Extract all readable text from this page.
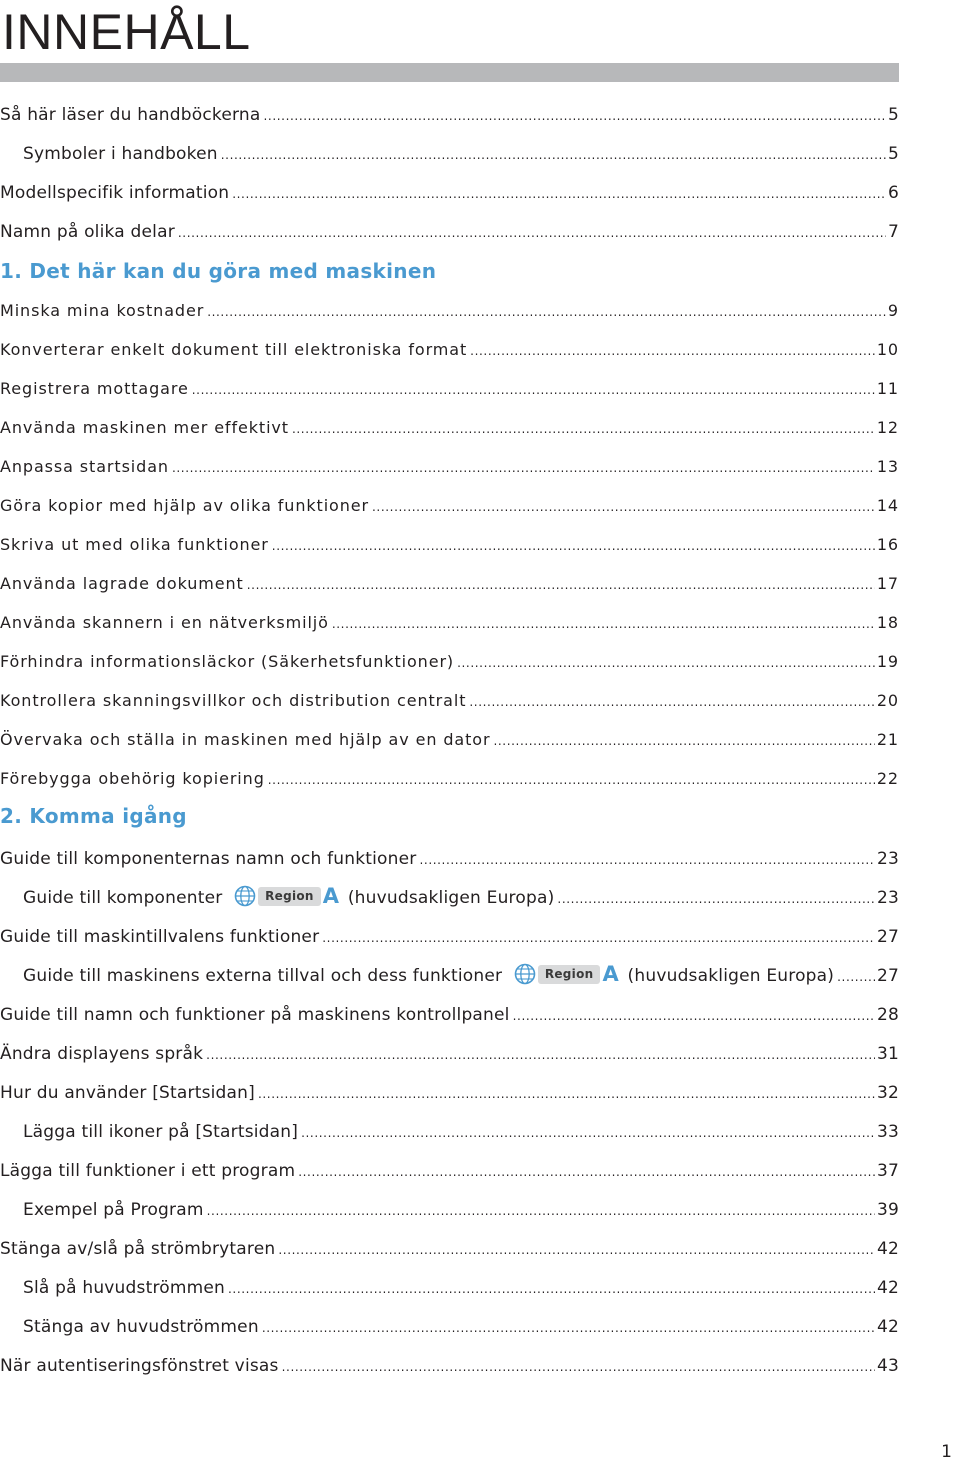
INNEHÅLL
Så här läser du handböckerna .....	5
Symboler i handboken .....	5
Modellspecifik information .....	6
Namn på olika delar .....	7
1. Det här kan du göra med maskinen
Minska mina kostnader .....	9
Konverterar enkelt dokument till elektroniska format .....	10
Registrera mottagare .....	11
Använda maskinen mer effektivt .....	12
Anpassa startsidan .....	13
Göra kopior med hjälp av olika funktioner .....	14
Skriva ut med olika funktioner .....	16
Använda lagrade dokument .....	17
Använda skannern i en nätverksmiljö .....	18
Förhindra informationsläckor (Säkerhetsfunktioner) .....	19
Kontrollera skanningsvillkor och distribution centralt .....	20
Övervaka och ställa in maskinen med hjälp av en dator .....	21
Förebygga obehörig kopiering .....	22
2. Komma igång
Guide till komponenternas namn och funktioner .....	23
Guide till komponenter	Region A (huvudsakligen Europa) .....	23
Guide till maskintillvalens funktioner .....	27
Guide till maskinens externa tillval och dess funktioner	Region A (huvudsakligen Europa) .....	27
Guide till namn och funktioner på maskinens kontrollpanel .....	28
Ändra displayens språk .....	31
Hur du använder [Startsidan] .....	32
Lägga till ikoner på [Startsidan] .....	33
Lägga till funktioner i ett program .....	37
Exempel på Program .....	39
Stänga av/slå på strömbrytaren .....	42
Slå på huvudströmmen .....	42
Stänga av huvudströmmen .....	42
När autentiseringsfönstret visas .....	43
1
